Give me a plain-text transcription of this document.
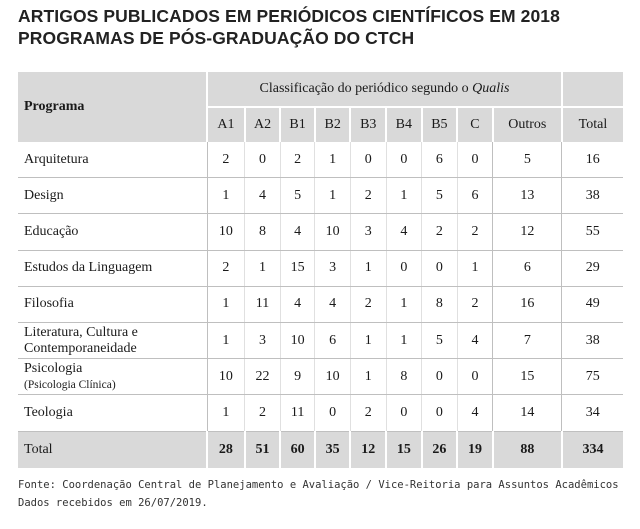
ARTIGOS PUBLICADOS EM PERIÓDICOS CIENTÍFICOS EM 2018
PROGRAMAS DE PÓS-GRADUAÇÃO DO CTCH
Programa	Classificação do periódico segundo o Qualis									
	A1	A2	B1	B2	B3	B4	B5	C	Outros	Total
Arquitetura	2	0	2	1	0	0	6	0	5	16
Design	1	4	5	1	2	1	5	6	13	38
Educação	10	8	4	10	3	4	2	2	12	55
Estudos da Linguagem	2	1	15	3	1	0	0	1	6	29
Filosofia	1	11	4	4	2	1	8	2	16	49

Literatura, Cultura e
Contemporaneidade	1	3	10	6	1	1	5	4	7	38

Psicologia
(Psicologia Clínica)	10	22	9	10	1	8	0	0	15	75
Teologia	1	2	11	0	2	0	0	4	14	34
Total	28	51	60	35	12	15	26	19	88	334
Fonte: Coordenação Central de Planejamento e Avaliação / Vice-Reitoria para Assuntos Acadêmicos
Dados recebidos em 26/07/2019.
